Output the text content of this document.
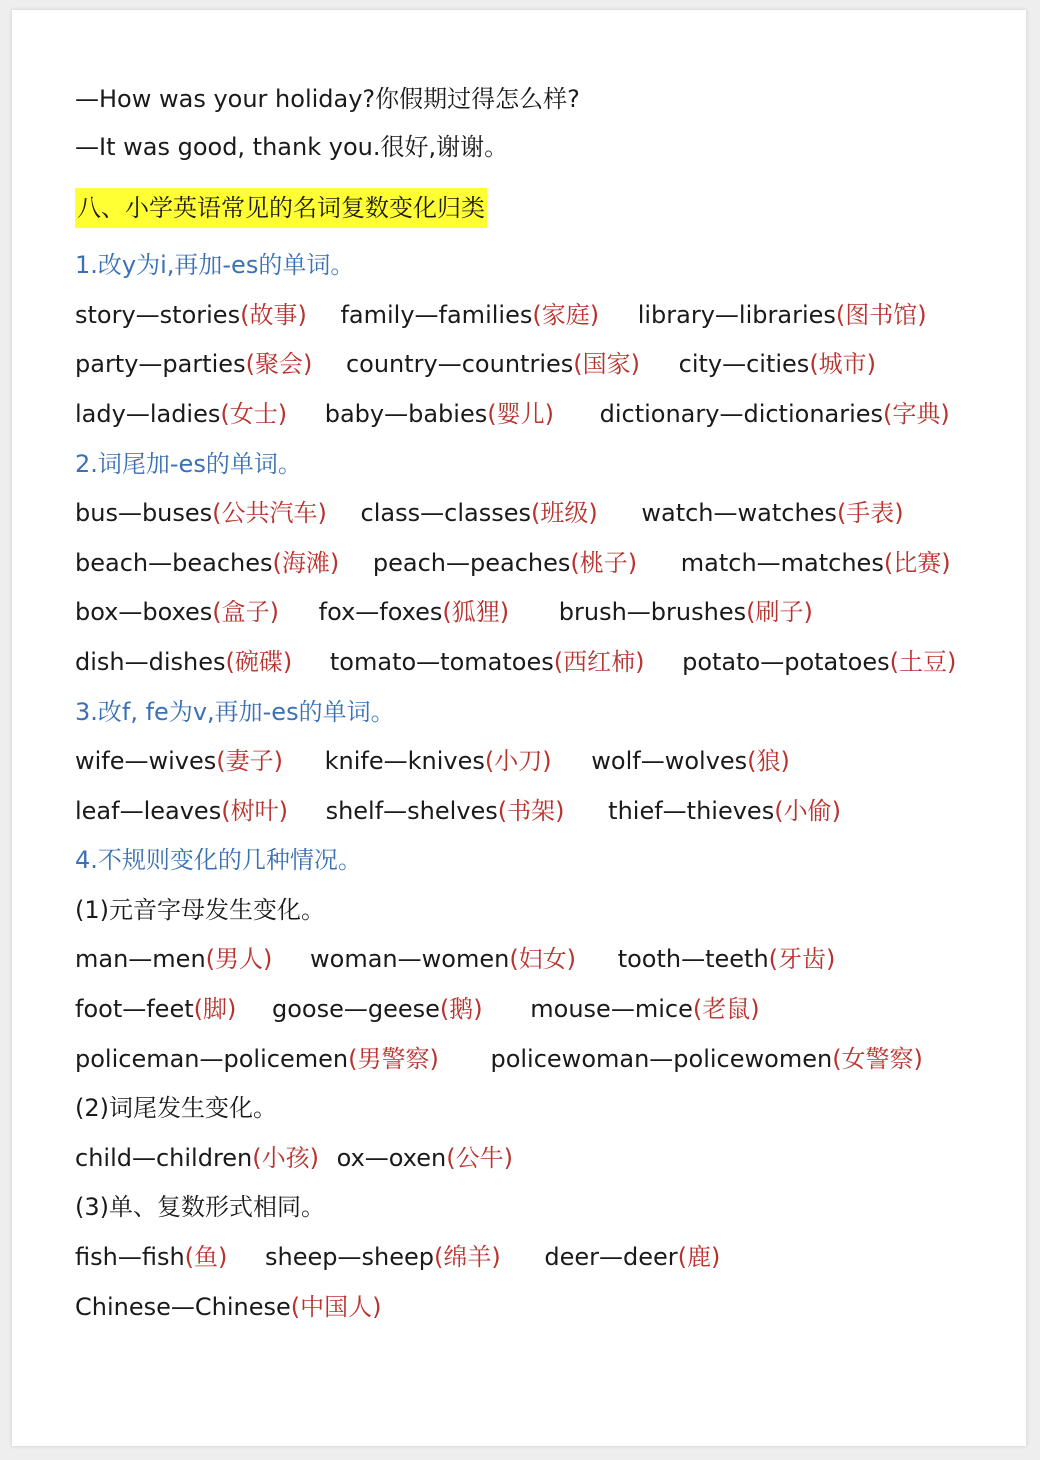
—How was your holiday?你假期过得怎么样?
—It was good, thank you.很好,谢谢。
八、小学英语常见的名词复数变化归类
1.改y为i,再加-es的单词。
story—stories(故事) family—families(家庭) library—libraries(图书馆)
party—parties(聚会) country—countries(国家) city—cities(城市)
lady—ladies(女士) baby—babies(婴儿) dictionary—dictionaries(字典)
2.词尾加-es的单词。
bus—buses(公共汽车) class—classes(班级) watch—watches(手表)
beach—beaches(海滩) peach—peaches(桃子) match—matches(比赛)
box—boxes(盒子) fox—foxes(狐狸) brush—brushes(刷子)
dish—dishes(碗碟) tomato—tomatoes(西红柿) potato—potatoes(土豆)
3.改f, fe为v,再加-es的单词。
wife—wives(妻子) knife—knives(小刀) wolf—wolves(狼)
leaf—leaves(树叶) shelf—shelves(书架) thief—thieves(小偷)
4.不规则变化的几种情况。
(1)元音字母发生变化。
man—men(男人) woman—women(妇女) tooth—teeth(牙齿)
foot—feet(脚) goose—geese(鹅) mouse—mice(老鼠)
policeman—policemen(男警察) policewoman—policewomen(女警察)
(2)词尾发生变化。
child—children(小孩) ox—oxen(公牛)
(3)单、复数形式相同。
fish—fish(鱼) sheep—sheep(绵羊) deer—deer(鹿)
Chinese—Chinese(中国人)
